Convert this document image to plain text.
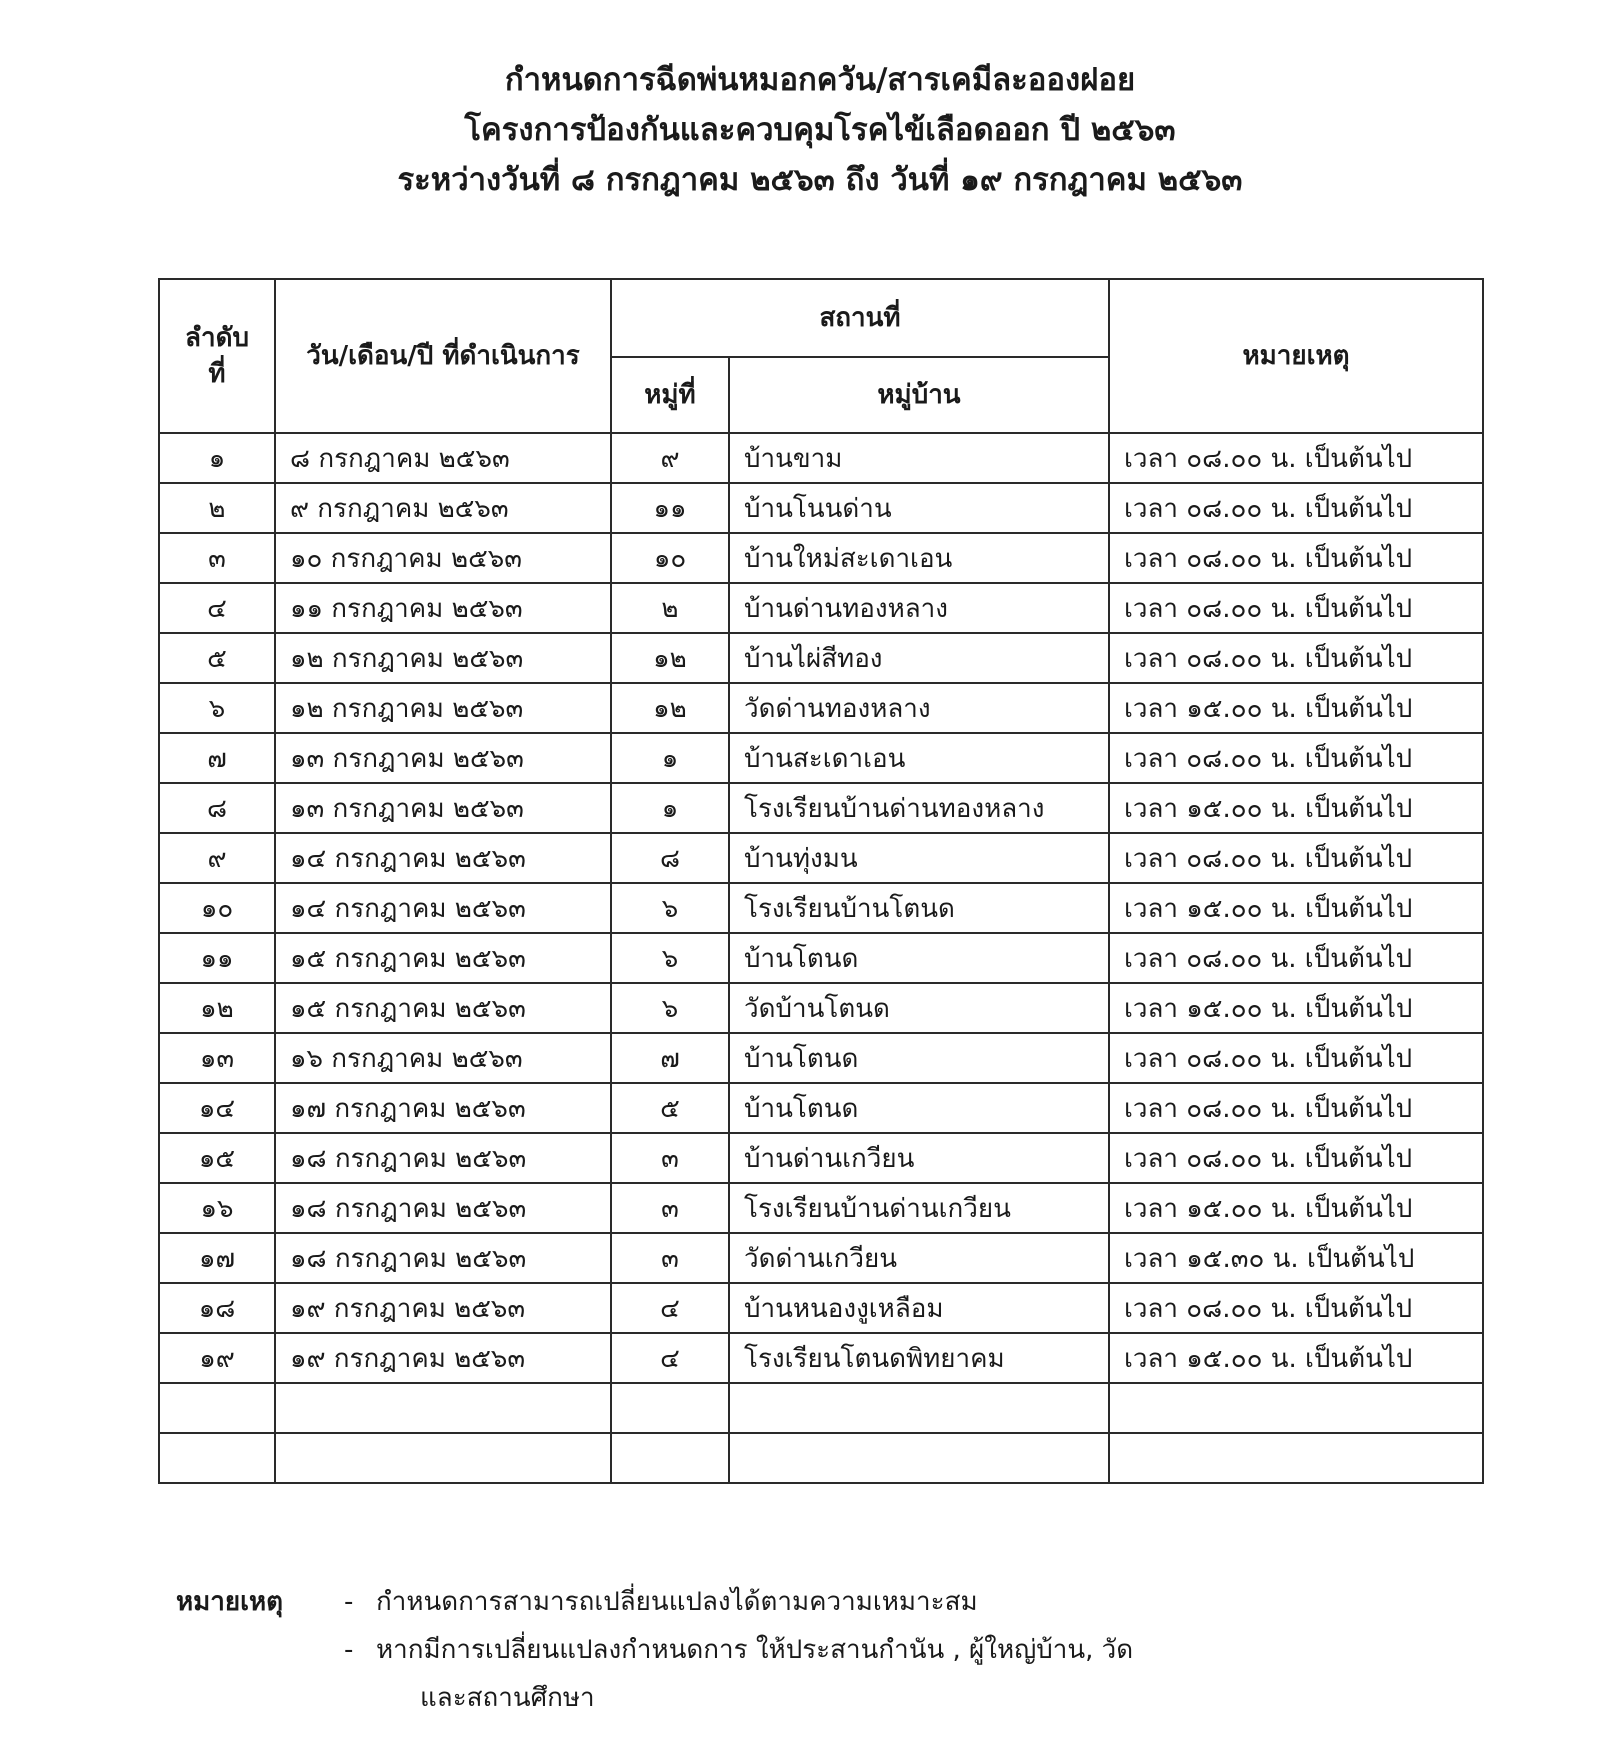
กำหนดการฉีดพ่นหมอกควัน/สารเคมีละอองฝอย
โครงการป้องกันและควบคุมโรคไข้เลือดออก ปี ๒๕๖๓
ระหว่างวันที่ ๘ กรกฎาคม ๒๕๖๓ ถึง วันที่ ๑๙ กรกฎาคม ๒๕๖๓
ลำดับ ที่	วัน/เดือน/ปี ที่ดำเนินการ	สถานที่		หมายเหตุ
		หมู่ที่	หมู่บ้าน	
๑	๘ กรกฎาคม ๒๕๖๓	๙	บ้านขาม	เวลา ๐๘.๐๐ น. เป็นต้นไป
๒	๙ กรกฎาคม ๒๕๖๓	๑๑	บ้านโนนด่าน	เวลา ๐๘.๐๐ น. เป็นต้นไป
๓	๑๐ กรกฎาคม ๒๕๖๓	๑๐	บ้านใหม่สะเดาเอน	เวลา ๐๘.๐๐ น. เป็นต้นไป
๔	๑๑ กรกฎาคม ๒๕๖๓	๒	บ้านด่านทองหลาง	เวลา ๐๘.๐๐ น. เป็นต้นไป
๕	๑๒ กรกฎาคม ๒๕๖๓	๑๒	บ้านไผ่สีทอง	เวลา ๐๘.๐๐ น. เป็นต้นไป
๖	๑๒ กรกฎาคม ๒๕๖๓	๑๒	วัดด่านทองหลาง	เวลา ๑๕.๐๐ น. เป็นต้นไป
๗	๑๓ กรกฎาคม ๒๕๖๓	๑	บ้านสะเดาเอน	เวลา ๐๘.๐๐ น. เป็นต้นไป
๘	๑๓ กรกฎาคม ๒๕๖๓	๑	โรงเรียนบ้านด่านทองหลาง	เวลา ๑๕.๐๐ น. เป็นต้นไป
๙	๑๔ กรกฎาคม ๒๕๖๓	๘	บ้านทุ่งมน	เวลา ๐๘.๐๐ น. เป็นต้นไป
๑๐	๑๔ กรกฎาคม ๒๕๖๓	๖	โรงเรียนบ้านโตนด	เวลา ๑๕.๐๐ น. เป็นต้นไป
๑๑	๑๕ กรกฎาคม ๒๕๖๓	๖	บ้านโตนด	เวลา ๐๘.๐๐ น. เป็นต้นไป
๑๒	๑๕ กรกฎาคม ๒๕๖๓	๖	วัดบ้านโตนด	เวลา ๑๕.๐๐ น. เป็นต้นไป
๑๓	๑๖ กรกฎาคม ๒๕๖๓	๗	บ้านโตนด	เวลา ๐๘.๐๐ น. เป็นต้นไป
๑๔	๑๗ กรกฎาคม ๒๕๖๓	๕	บ้านโตนด	เวลา ๐๘.๐๐ น. เป็นต้นไป
๑๕	๑๘ กรกฎาคม ๒๕๖๓	๓	บ้านด่านเกวียน	เวลา ๐๘.๐๐ น. เป็นต้นไป
๑๖	๑๘ กรกฎาคม ๒๕๖๓	๓	โรงเรียนบ้านด่านเกวียน	เวลา ๑๕.๐๐ น. เป็นต้นไป
๑๗	๑๘ กรกฎาคม ๒๕๖๓	๓	วัดด่านเกวียน	เวลา ๑๕.๓๐ น. เป็นต้นไป
๑๘	๑๙ กรกฎาคม ๒๕๖๓	๔	บ้านหนองงูเหลือม	เวลา ๐๘.๐๐ น. เป็นต้นไป
๑๙	๑๙ กรกฎาคม ๒๕๖๓	๔	โรงเรียนโตนดพิทยาคม	เวลา ๑๕.๐๐ น. เป็นต้นไป

หมายเหตุ - กำหนดการสามารถเปลี่ยนแปลงได้ตามความเหมาะสม
- หากมีการเปลี่ยนแปลงกำหนดการ ให้ประสานกำนัน , ผู้ใหญ่บ้าน, วัด
และสถานศึกษา
